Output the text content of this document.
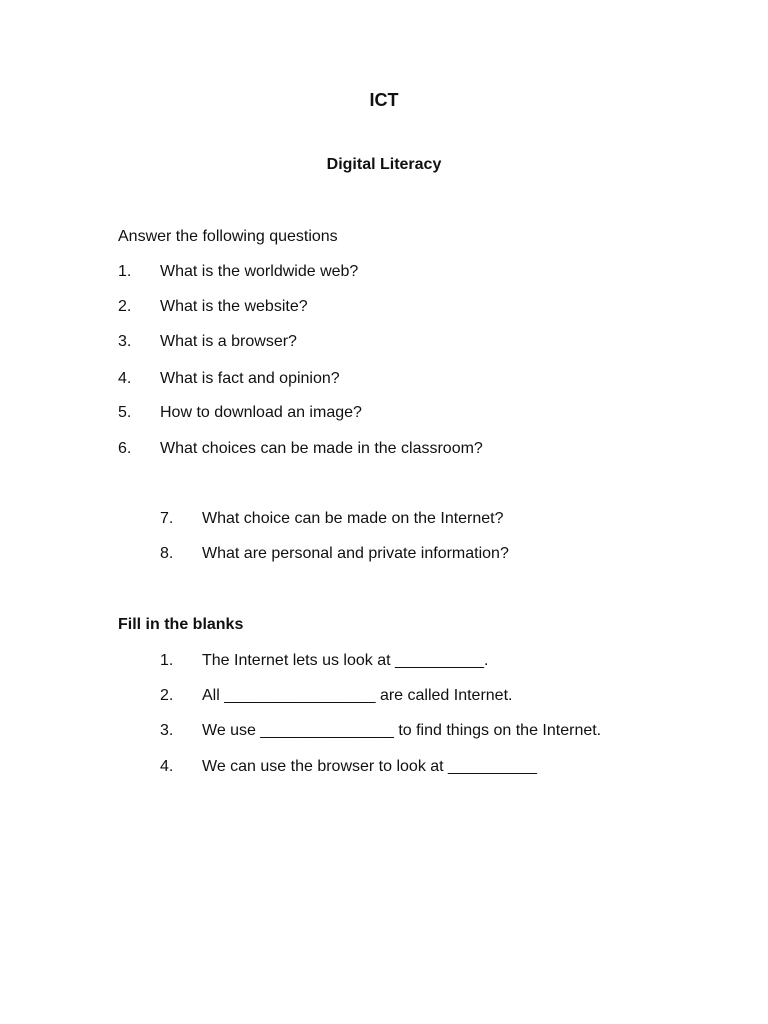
ICT
Digital Literacy
Answer the following questions
1. What is the worldwide web?
2. What is the website?
3. What is a browser?
4. What is fact and opinion?
5. How to download an image?
6. What choices can be made in the classroom?
7. What choice can be made on the Internet?
8. What are personal and private information?
Fill in the blanks
1. The Internet lets us look at __________.
2. All _________________ are called Internet.
3. We use _______________ to find things on the Internet.
4. We can use the browser to look at __________
